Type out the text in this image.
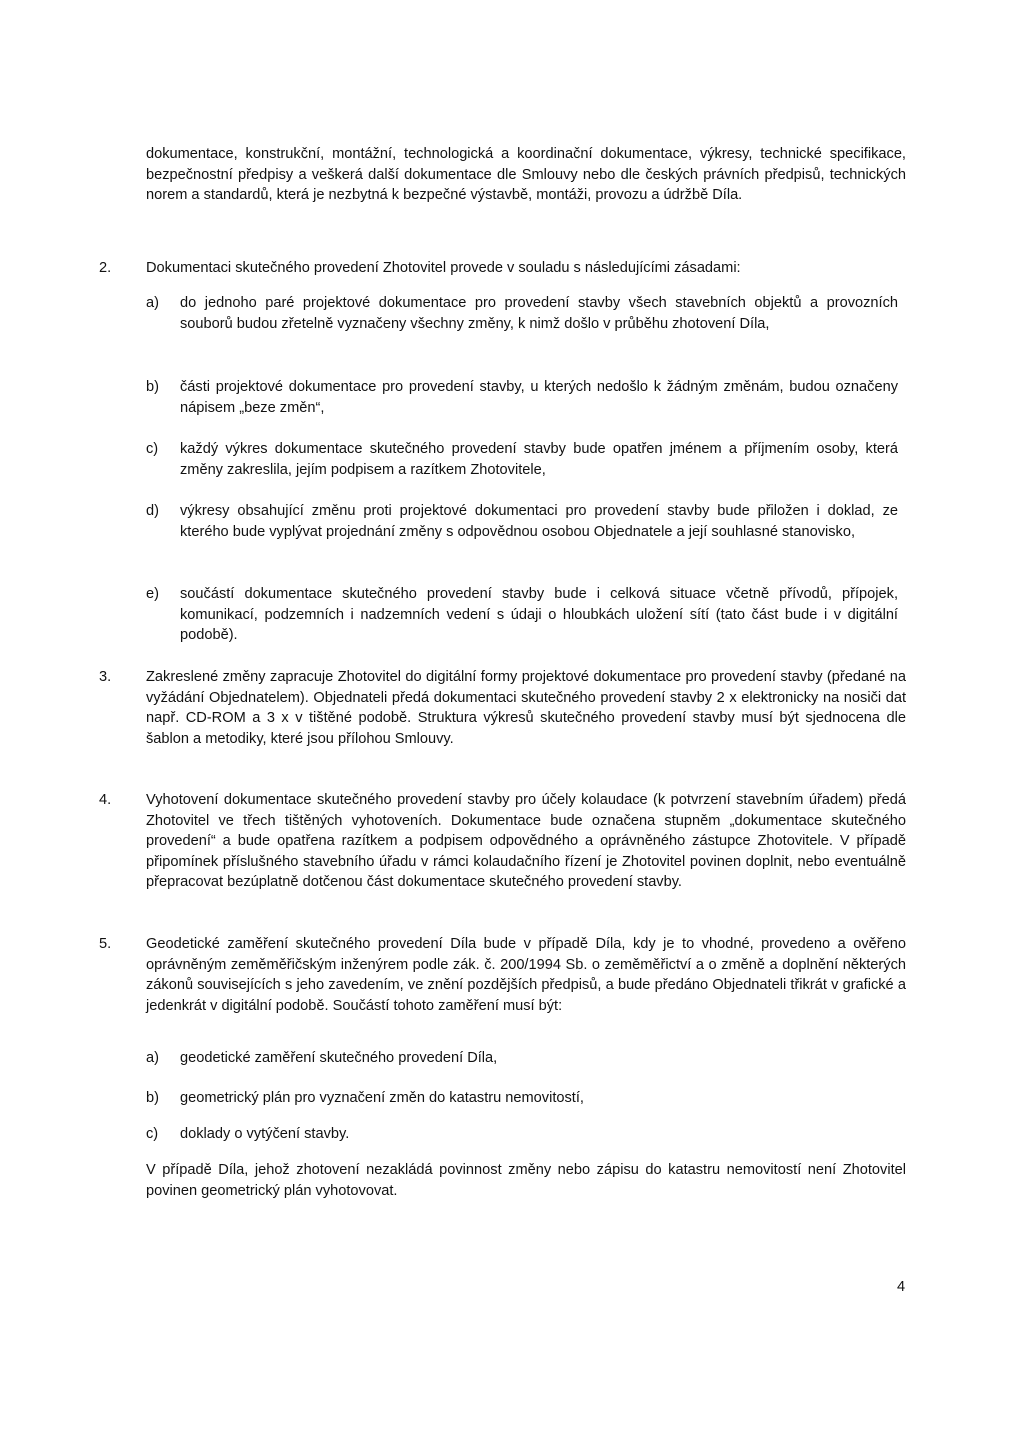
dokumentace, konstrukční, montážní, technologická a koordinační dokumentace, výkresy, technické specifikace, bezpečnostní předpisy a veškerá další dokumentace dle Smlouvy nebo dle českých právních předpisů, technických norem a standardů, která je nezbytná k bezpečné výstavbě, montáži, provozu a údržbě Díla.

2. Dokumentaci skutečného provedení Zhotovitel provede v souladu s následujícími zásadami:

a) do jednoho paré projektové dokumentace pro provedení stavby všech stavebních objektů a provozních souborů budou zřetelně vyznačeny všechny změny, k nimž došlo v průběhu zhotovení Díla,

b) části projektové dokumentace pro provedení stavby, u kterých nedošlo k žádným změnám, budou označeny nápisem „beze změn“,

c) každý výkres dokumentace skutečného provedení stavby bude opatřen jménem a příjmením osoby, která změny zakreslila, jejím podpisem a razítkem Zhotovitele,

d) výkresy obsahující změnu proti projektové dokumentaci pro provedení stavby bude přiložen i doklad, ze kterého bude vyplývat projednání změny s odpovědnou osobou Objednatele a její souhlasné stanovisko,

e) součástí dokumentace skutečného provedení stavby bude i celková situace včetně přívodů, přípojek, komunikací, podzemních i nadzemních vedení s údaji o hloubkách uložení sítí (tato část bude i v digitální podobě).

3. Zakreslené změny zapracuje Zhotovitel do digitální formy projektové dokumentace pro provedení stavby (předané na vyžádání Objednatelem). Objednateli předá dokumentaci skutečného provedení stavby 2 x elektronicky na nosiči dat např. CD-ROM a 3 x v tištěné podobě. Struktura výkresů skutečného provedení stavby musí být sjednocena dle šablon a metodiky, které jsou přílohou Smlouvy.

4. Vyhotovení dokumentace skutečného provedení stavby pro účely kolaudace (k potvrzení stavebním úřadem) předá Zhotovitel ve třech tištěných vyhotoveních. Dokumentace bude označena stupněm „dokumentace skutečného provedení“ a bude opatřena razítkem a podpisem odpovědného a oprávněného zástupce Zhotovitele. V případě připomínek příslušného stavebního úřadu v rámci kolaudačního řízení je Zhotovitel povinen doplnit, nebo eventuálně přepracovat bezúplatně dotčenou část dokumentace skutečného provedení stavby.

5. Geodetické zaměření skutečného provedení Díla bude v případě Díla, kdy je to vhodné, provedeno a ověřeno oprávněným zeměměřičským inženýrem podle zák. č. 200/1994 Sb. o zeměměřictví a o změně a doplnění některých zákonů souvisejících s jeho zavedením, ve znění pozdějších předpisů, a bude předáno Objednateli třikrát v grafické a jedenkrát v digitální podobě. Součástí tohoto zaměření musí být:

a) geodetické zaměření skutečného provedení Díla,

b) geometrický plán pro vyznačení změn do katastru nemovitostí,

c) doklady o vytýčení stavby.

V případě Díla, jehož zhotovení nezakládá povinnost změny nebo zápisu do katastru nemovitostí není Zhotovitel povinen geometrický plán vyhotovovat.

4
